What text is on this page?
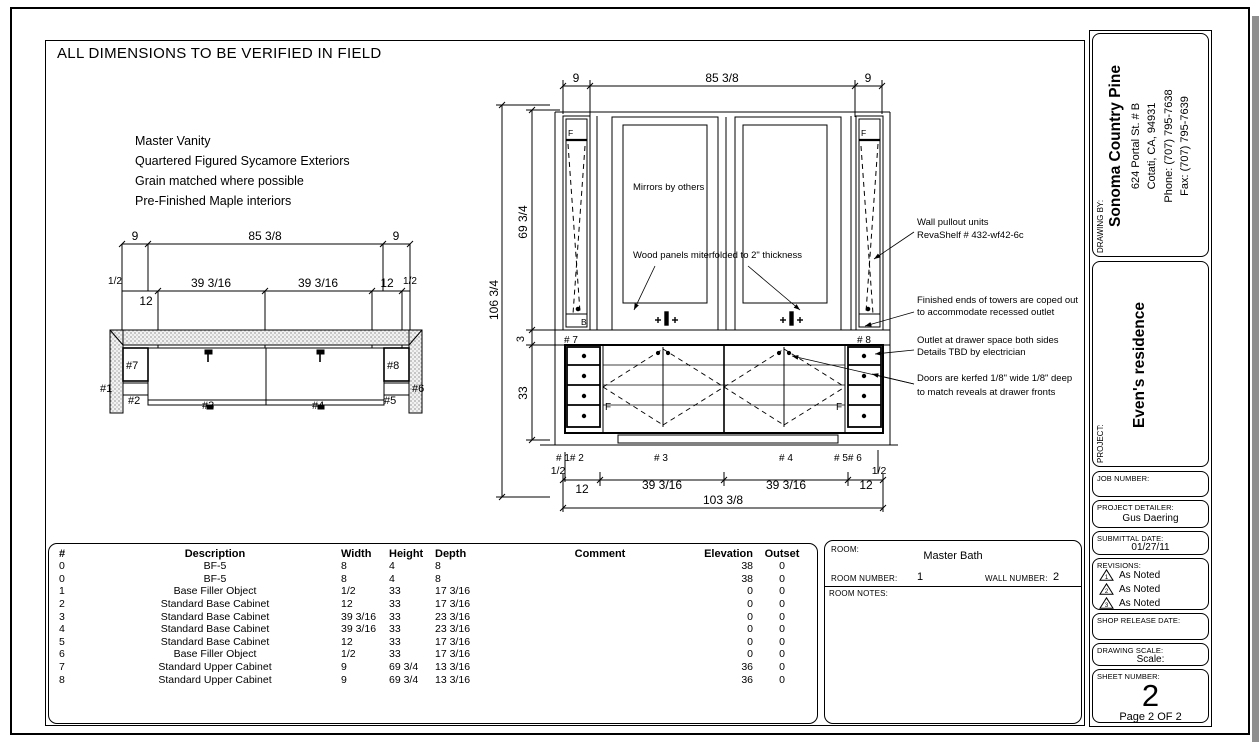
ALL DIMENSIONS TO BE VERIFIED IN FIELD
Master Vanity
Quartered Figured Sycamore Exteriors
Grain matched where possible
Pre-Finished Maple interiors
9	85 3/8	9
1/2	39 3/16	39 3/16	12 1/2
12
#1
#2	#3	#4	#5
#6
#7	#8
9	85 3/8	9
106 3/4
69 3/4
3
33
1/2	1/2
12	39 3/16	39 3/16	12
103 3/8
# 7	# 8
# 1# 2	# 3	# 4	# 5# 6
F	F
F	F
B
Mirrors by others
Wood panels miterfolded to 2" thickness
Wall pullout units
RevaShelf # 432-wf42-6c
Finished ends of towers are coped out
to accommodate recessed outlet
Outlet at drawer space both sides
Details TBD by electrician
Doors are kerfed 1/8" wide 1/8" deep
to match reveals at drawer fronts
#	Description	Width	Height	Depth	Comment	Elevation	Outset
0	BF-5	8	4	8		38	0
0	BF-5	8	4	8		38	0
1	Base Filler Object	1/2	33	17 3/16		0	0
2	Standard Base Cabinet	12	33	17 3/16		0	0
3	Standard Base Cabinet	39 3/16	33	23 3/16		0	0
4	Standard Base Cabinet	39 3/16	33	23 3/16		0	0
5	Standard Base Cabinet	12	33	17 3/16		0	0
6	Base Filler Object	1/2	33	17 3/16		0	0
7	Standard Upper Cabinet	9	69 3/4	13 3/16		36	0
8	Standard Upper Cabinet	9	69 3/4	13 3/16		36	0
ROOM:
Master Bath
ROOM NUMBER: 1	WALL NUMBER: 2
ROOM NOTES:
DRAWING BY: Sonoma Country Pine 624 Portal St. # B Cotati, CA, 94931 Phone: (707) 795-7638 Fax: (707) 795-7639
PROJECT:
Even's residence
JOB NUMBER:
PROJECT DETAILER:
Gus Daering
SUBMITTAL DATE:
01/27/11
REVISIONS:
1 As Noted
2 As Noted
3 As Noted
SHOP RELEASE DATE:
DRAWING SCALE:
Scale:
SHEET NUMBER:
2
Page 2 OF 2
